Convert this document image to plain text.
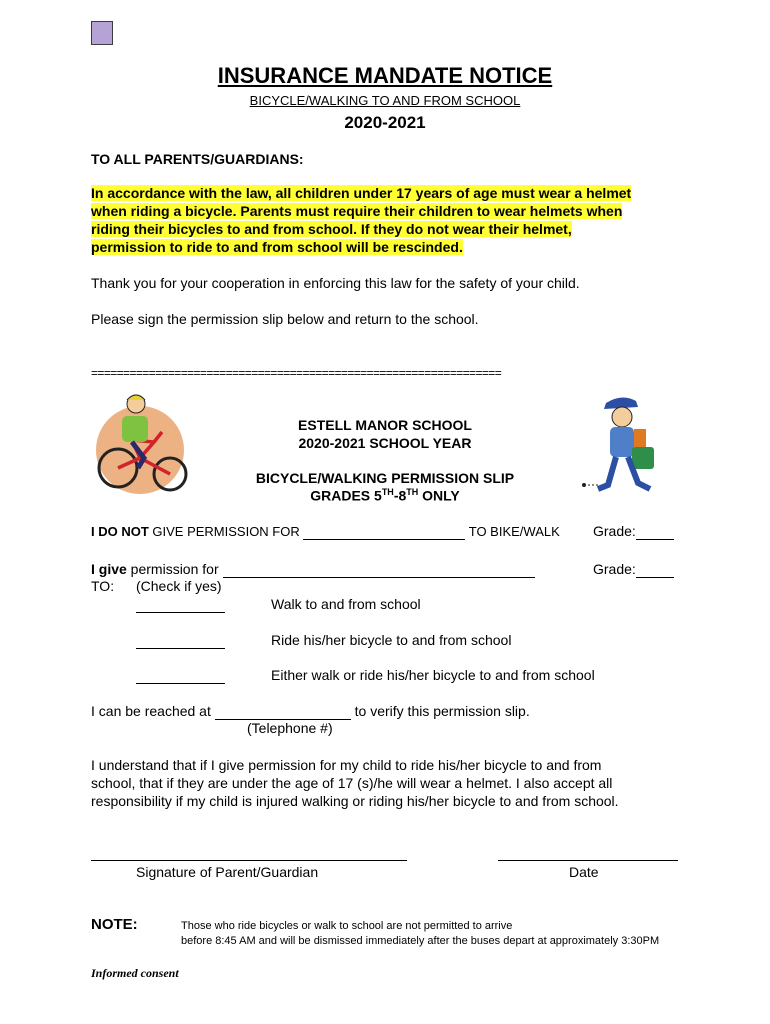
INSURANCE MANDATE NOTICE
BICYCLE/WALKING TO AND FROM SCHOOL
2020-2021
TO ALL PARENTS/GUARDIANS:
In accordance with the law, all children under 17 years of age must wear a helmet
when riding a bicycle. Parents must require their children to wear helmets when
riding their bicycles to and from school. If they do not wear their helmet,
permission to ride to and from school will be rescinded.
Thank you for your cooperation in enforcing this law for the safety of your child.
Please sign the permission slip below and return to the school.
================================================================
ESTELL MANOR SCHOOL
2020-2021 SCHOOL YEAR
BICYCLE/WALKING PERMISSION SLIP
GRADES 5TH-8TH ONLY
I DO NOT GIVE PERMISSION FOR	TO BIKE/WALK Grade:
I give permission for	Grade:
TO: (Check if yes)
Walk to and from school
Ride his/her bicycle to and from school
Either walk or ride his/her bicycle to and from school
I can be reached at	to verify this permission slip.
(Telephone #)
I understand that if I give permission for my child to ride his/her bicycle to and from
school, that if they are under the age of 17 (s)/he will wear a helmet. I also accept all
responsibility if my child is injured walking or riding his/her bicycle to and from school.
Signature of Parent/Guardian	Date
NOTE:	Those who ride bicycles or walk to school are not permitted to arrive
before 8:45 AM and will be dismissed immediately after the buses depart at approximately 3:30PM
Informed consent
